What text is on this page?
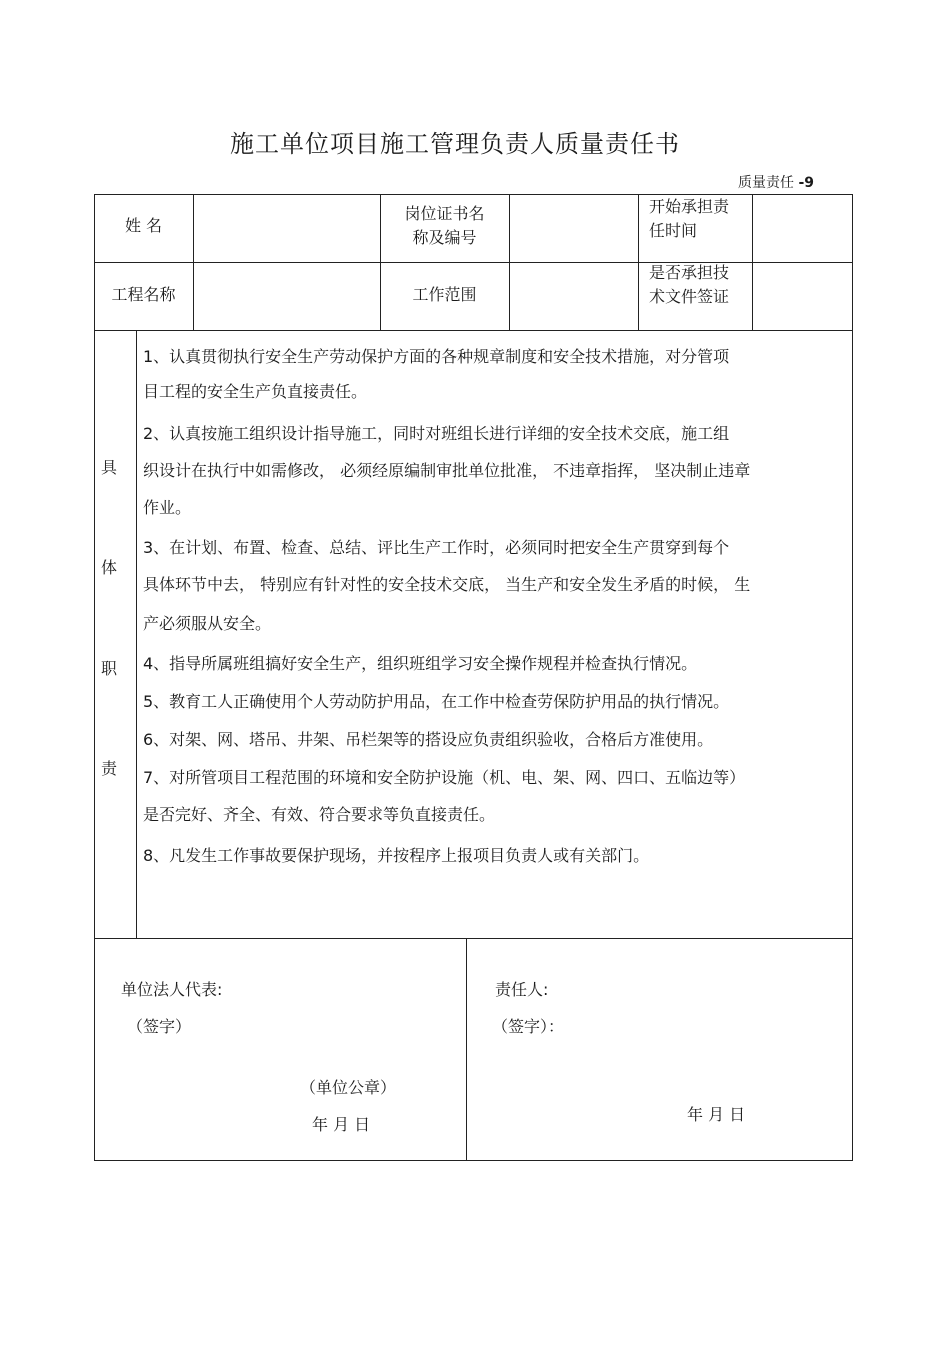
施工单位项目施工管理负责人质量责任书
质量责任 -9
姓 名
岗位证书名
称及编号
开始承担责
任时间
工程名称	工作范围
是否承担技
术文件签证
具
体
职
责
1、认真贯彻执行安全生产劳动保护方面的各种规章制度和安全技术措施，对分管项
目工程的安全生产负直接责任。
2、认真按施工组织设计指导施工，同时对班组长进行详细的安全技术交底，施工组
织设计在执行中如需修改， 必须经原编制审批单位批准， 不违章指挥， 坚决制止违章
作业。
3、在计划、布置、检查、总结、评比生产工作时，必须同时把安全生产贯穿到每个
具体环节中去， 特别应有针对性的安全技术交底， 当生产和安全发生矛盾的时候， 生
产必须服从安全。
4、指导所属班组搞好安全生产，组织班组学习安全操作规程并检查执行情况。
5、教育工人正确使用个人劳动防护用品，在工作中检查劳保防护用品的执行情况。
6、对架、网、塔吊、井架、吊栏架等的搭设应负责组织验收，合格后方准使用。
7、对所管项目工程范围的环境和安全防护设施（机、电、架、网、四口、五临边等）
是否完好、齐全、有效、符合要求等负直接责任。
8、凡发生工作事故要保护现场，并按程序上报项目负责人或有关部门。
单位法人代表:
（签字）
（单位公章）
年 月 日
责任人:
（签字）：
年 月 日
